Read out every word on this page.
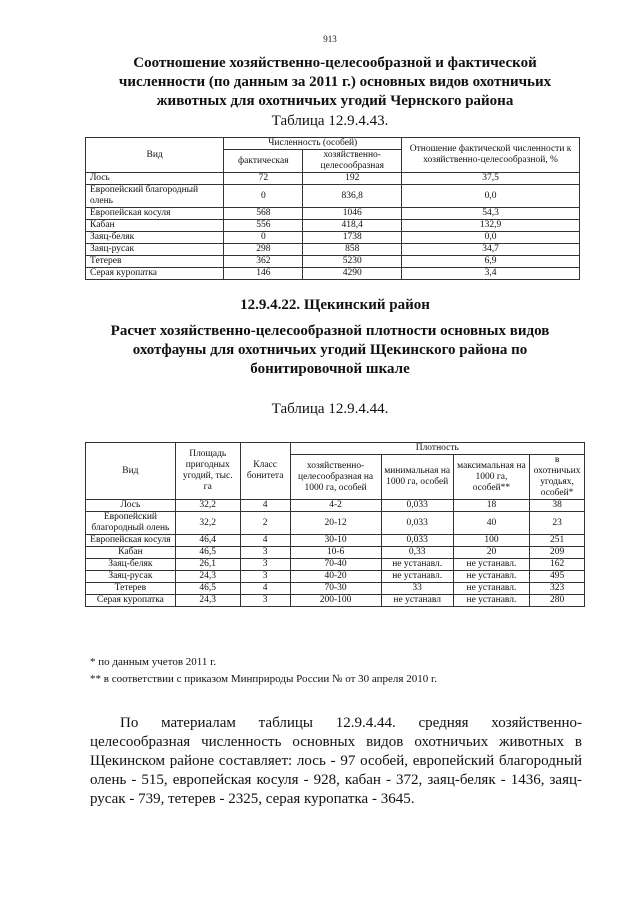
913
Соотношение хозяйственно-целесообразной и фактической численности (по данным за 2011 г.) основных видов охотничьих животных для охотничьих угодий Чернского района
Таблица 12.9.4.43.
Вид	Численность (особей)		Отношение фактической численности к хозяйственно-целесообразной, %
	фактическая	хозяйственно-целесообразная	
Лось	72	192	37,5
Европейский благородный олень	0	836,8	0,0
Европейская косуля	568	1046	54,3
Кабан	556	418,4	132,9
Заяц-беляк	0	1738	0,0
Заяц-русак	298	858	34,7
Тетерев	362	5230	6,9
Серая куропатка	146	4290	3,4
12.9.4.22. Щекинский район
Расчет хозяйственно-целесообразной плотности основных видов охотфауны для охотничьих угодий Щекинского района по бонитировочной шкале
Таблица 12.9.4.44.
Вид	Площадь пригодных угодий, тыс. га	Класс бонитета	Плотность			
			хозяйственно-целесообразная на 1000 га, особей	минимальная на 1000 га, особей	максимальная на 1000 га, особей**	в охотничьих угодьях, особей*
Лось	32,2	4	4-2	0,033	18	38
Европейский благородный олень	32,2	2	20-12	0,033	40	23
Европейская косуля	46,4	4	30-10	0,033	100	251
Кабан	46,5	3	10-6	0,33	20	209
Заяц-беляк	26,1	3	70-40	не устанавл.	не устанавл.	162
Заяц-русак	24,3	3	40-20	не устанавл.	не устанавл.	495
Тетерев	46,5	4	70-30	33	не устанавл.	323
Серая куропатка	24,3	3	200-100	не устанавл	не устанавл.	280
* по данным учетов 2011 г.
** в соответствии с приказом Минприроды России № от 30 апреля 2010 г.
По материалам таблицы 12.9.4.44. средняя хозяйственно-целесообразная численность основных видов охотничьих животных в Щекинском районе составляет: лось - 97 особей, европейский благородный олень - 515, европейская косуля - 928, кабан - 372, заяц-беляк - 1436, заяц-русак - 739, тетерев - 2325, серая куропатка - 3645.
